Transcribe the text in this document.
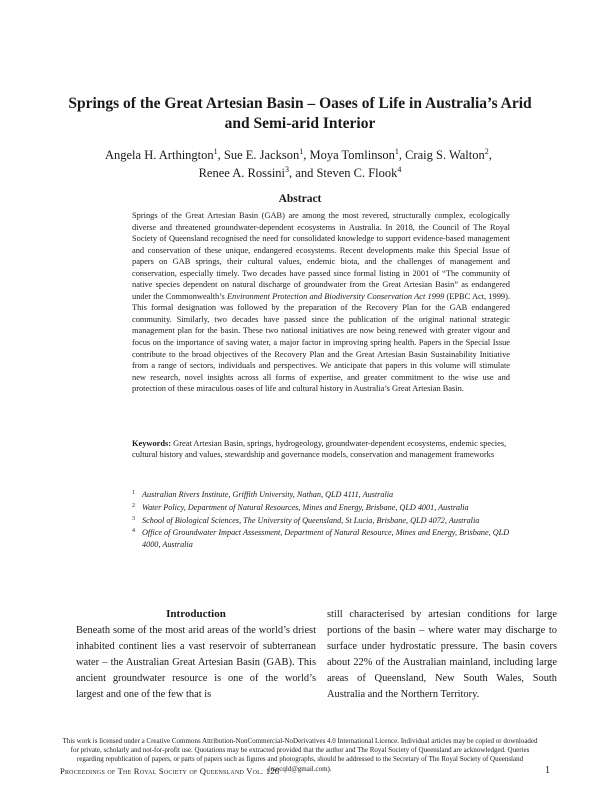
Springs of the Great Artesian Basin – Oases of Life in Australia’s Arid and Semi-arid Interior
Angela H. Arthington$^1$, Sue E. Jackson$^1$, Moya Tomlinson$^1$, Craig S. Walton$^2$,
Renee A. Rossini$^3$, and Steven C. Flook$^4$
Abstract

Springs of the Great Artesian Basin (GAB) are among the most revered, structurally complex, ecologically diverse and threatened groundwater-dependent ecosystems in Australia. In 2018, the Council of The Royal Society of Queensland recognised the need for consolidated knowledge to support evidence-based management and conservation of these unique, endangered ecosystems. Recent developments make this Special Issue of papers on GAB springs, their cultural values, endemic biota, and the challenges of management and conservation, especially timely. Two decades have passed since formal listing in 2001 of “The community of native species dependent on natural discharge of groundwater from the Great Artesian Basin” as endangered under the Commonwealth’s Environment Protection and Biodiversity Conservation Act 1999 (EPBC Act, 1999). This formal designation was followed by the preparation of the Recovery Plan for the GAB endangered community. Similarly, two decades have passed since the publication of the original national strategic management plan for the basin. These two national initiatives are now being renewed with greater vigour and focus on the importance of saving water, a major factor in improving spring health. Papers in the Special Issue contribute to the broad objectives of the Recovery Plan and the Great Artesian Basin Sustainability Initiative from a range of sectors, individuals and perspectives. We anticipate that papers in this volume will stimulate new research, novel insights across all forms of expertise, and greater commitment to the wise use and protection of these miraculous oases of life and cultural history in Australia’s Great Artesian Basin.

Keywords: Great Artesian Basin, springs, hydrogeology, groundwater-dependent ecosystems, endemic species, cultural history and values, stewardship and governance models, conservation and management frameworks
1 Australian Rivers Institute, Griffith University, Nathan, QLD 4111, Australia
2 Water Policy, Department of Natural Resources, Mines and Energy, Brisbane, QLD 4001, Australia
3 School of Biological Sciences, The University of Queensland, St Lucia, Brisbane, QLD 4072, Australia
4 Office of Groundwater Impact Assessment, Department of Natural Resource, Mines and Energy, Brisbane, QLD 4000, Australia
Introduction

Beneath some of the most arid areas of the world’s driest inhabited continent lies a vast reservoir of subterranean water – the Australian Great Artesian Basin (GAB). This ancient groundwater resource is one of the world’s largest and one of the few that is

still characterised by artesian conditions for large portions of the basin – where water may discharge to surface under hydrostatic pressure. The basin covers about 22% of the Australian mainland, including large areas of Queensland, New South Wales, South Australia and the Northern Territory.

This work is licensed under a Creative Commons Attribution-NonCommercial-NoDerivatives 4.0 International Licence. Individual articles may be copied or downloaded for private, scholarly and not-for-profit use. Quotations may be extracted provided that the author and The Royal Society of Queensland are acknowledged. Queries regarding republication of papers, or parts of papers such as figures and photographs, should be addressed to the Secretary of The Royal Society of Queensland (rsocqld@gmail.com).

Proceedings of The Royal Society of Queensland Vol. 126	1
